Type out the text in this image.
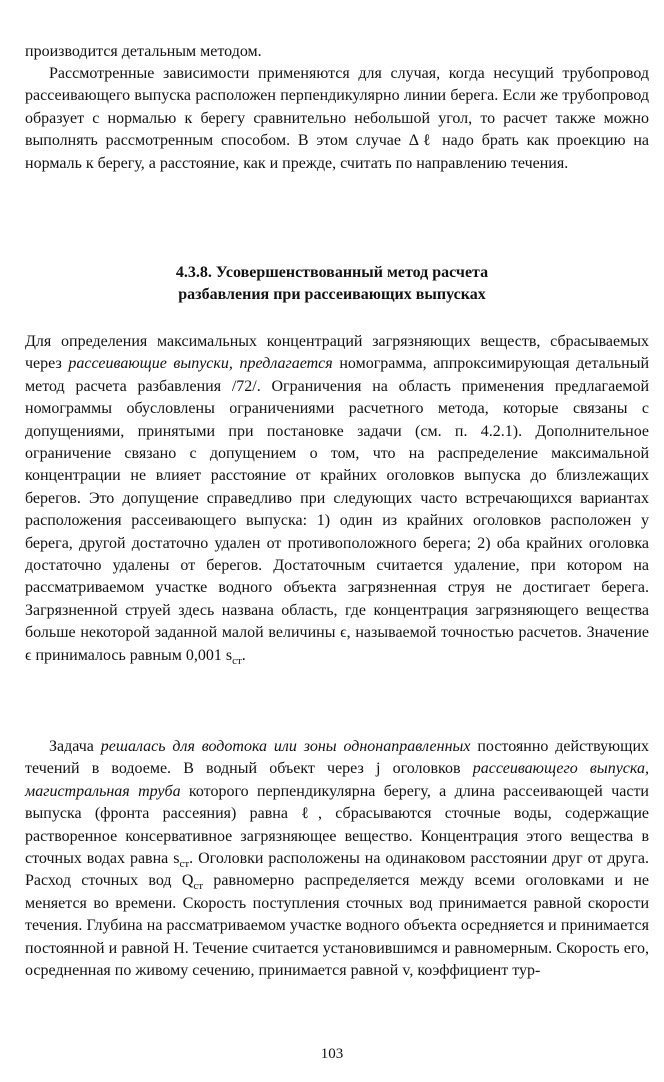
производится детальным методом.

Рассмотренные зависимости применяются для случая, когда несущий трубопровод рассеивающего выпуска расположен перпендикулярно линии берега. Если же трубопровод образует с нормалью к берегу сравнительно небольшой угол, то расчет также можно выполнять рассмотренным способом. В этом случае Δℓ надо брать как проекцию на нормаль к берегу, а расстояние, как и прежде, считать по направлению течения.

4.3.8. Усовершенствованный метод расчета
разбавления при рассеивающих выпусках

Для определения максимальных концентраций загрязняющих веществ, сбрасываемых через рассеивающие выпуски, предлагается номограмма, аппроксимирующая детальный метод расчета разбавления /72/. Ограничения на область применения предлагаемой номограммы обусловлены ограничениями расчетного метода, которые связаны с допущениями, принятыми при постановке задачи (см. п. 4.2.1). Дополнительное ограничение связано с допущением о том, что на распределение максимальной концентрации не влияет расстояние от крайних оголовков выпуска до близлежащих берегов. Это допущение справедливо при следующих часто встречающихся вариантах расположения рассеивающего выпуска: 1) один из крайних оголовков расположен у берега, другой достаточно удален от противоположного берега; 2) оба крайних оголовка достаточно удалены от берегов. Достаточным считается удаление, при котором на рассматриваемом участке водного объекта загрязненная струя не достигает берега. Загрязненной струей здесь названа область, где концентрация загрязняющего вещества больше некоторой заданной малой величины ϵ, называемой точностью расчетов. Значение ϵ принималось равным 0,001 $s_{ст}$.

Задача решалась для водотока или зоны однонаправленных постоянно действующих течений в водоеме. В водный объект через j оголовков рассеивающего выпуска, магистральная труба которого перпендикулярна берегу, а длина рассеивающей части выпуска (фронта рассеяния) равна ℓ, сбрасываются сточные воды, содержащие растворенное консервативное загрязняющее вещество. Концентрация этого вещества в сточных водах равна $s_{ст}$. Оголовки расположены на одинаковом расстоянии друг от друга. Расход сточных вод $Q_{ст}$ равномерно распределяется между всеми оголовками и не меняется во времени. Скорость поступления сточных вод принимается равной скорости течения. Глубина на рассматриваемом участке водного объекта осредняется и принимается постоянной и равной H. Течение считается установившимся и равномерным. Скорость его, осредненная по живому сечению, принимается равной v, коэффициент тур-

103
